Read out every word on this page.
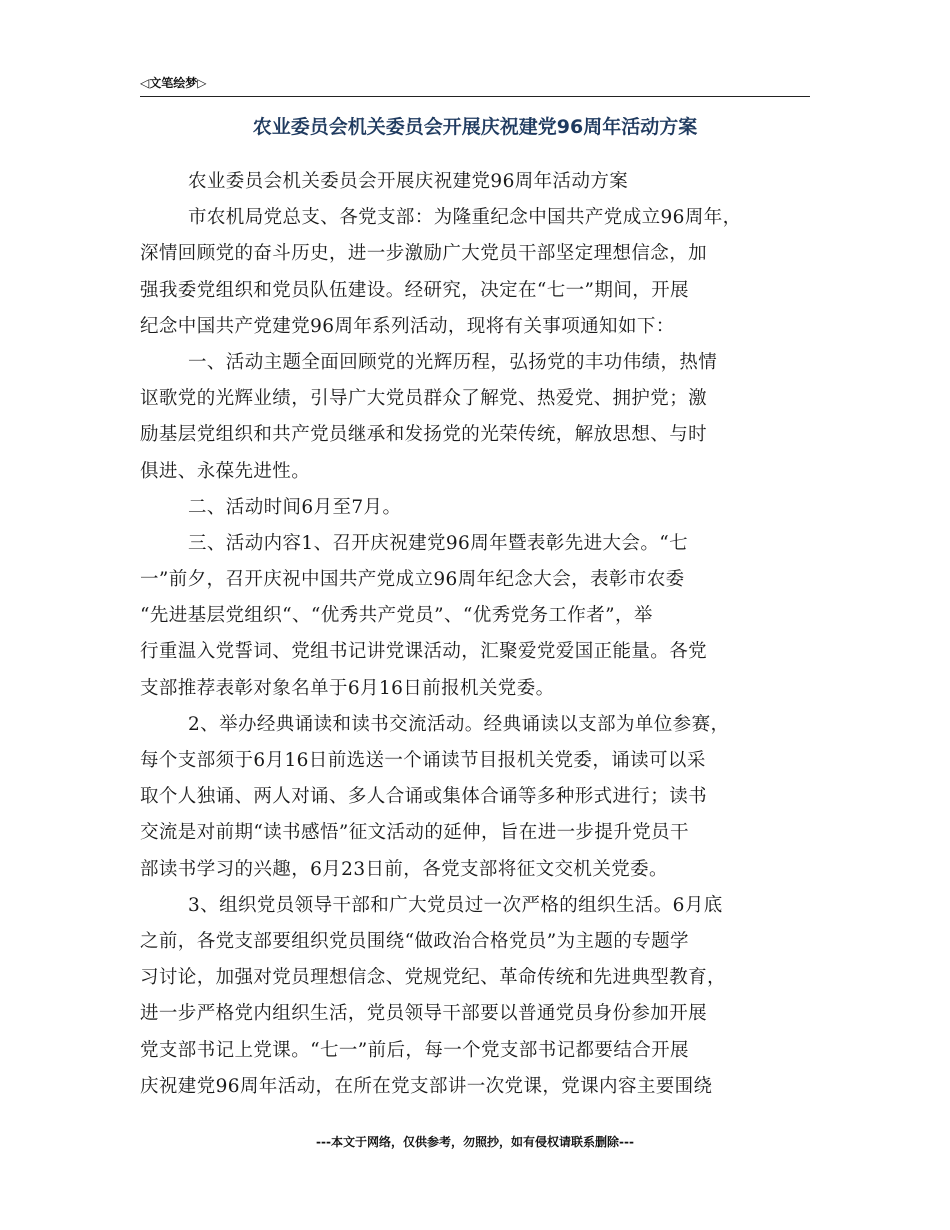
◁文笔绘梦▷
农业委员会机关委员会开展庆祝建党96周年活动方案
农业委员会机关委员会开展庆祝建党96周年活动方案
市农机局党总支、各党支部：为隆重纪念中国共产党成立96周年，
深情回顾党的奋斗历史，进一步激励广大党员干部坚定理想信念，加
强我委党组织和党员队伍建设。经研究，决定在“七一”期间，开展
纪念中国共产党建党96周年系列活动，现将有关事项通知如下：
一、活动主题全面回顾党的光辉历程，弘扬党的丰功伟绩，热情
讴歌党的光辉业绩，引导广大党员群众了解党、热爱党、拥护党；激
励基层党组织和共产党员继承和发扬党的光荣传统，解放思想、与时
俱进、永葆先进性。
二、活动时间6月至7月。
三、活动内容1、召开庆祝建党96周年暨表彰先进大会。“七
一”前夕，召开庆祝中国共产党成立96周年纪念大会，表彰市农委
“先进基层党组织“、“优秀共产党员”、“优秀党务工作者”，举
行重温入党誓词、党组书记讲党课活动，汇聚爱党爱国正能量。各党
支部推荐表彰对象名单于6月16日前报机关党委。
2、举办经典诵读和读书交流活动。经典诵读以支部为单位参赛，
每个支部须于6月16日前选送一个诵读节目报机关党委，诵读可以采
取个人独诵、两人对诵、多人合诵或集体合诵等多种形式进行；读书
交流是对前期“读书感悟”征文活动的延伸，旨在进一步提升党员干
部读书学习的兴趣，6月23日前，各党支部将征文交机关党委。
3、组织党员领导干部和广大党员过一次严格的组织生活。6月底
之前，各党支部要组织党员围绕“做政治合格党员”为主题的专题学
习讨论，加强对党员理想信念、党规党纪、革命传统和先进典型教育，
进一步严格党内组织生活，党员领导干部要以普通党员身份参加开展
党支部书记上党课。“七一”前后，每一个党支部书记都要结合开展
庆祝建党96周年活动，在所在党支部讲一次党课，党课内容主要围绕
---本文于网络，仅供参考，勿照抄，如有侵权请联系删除---
